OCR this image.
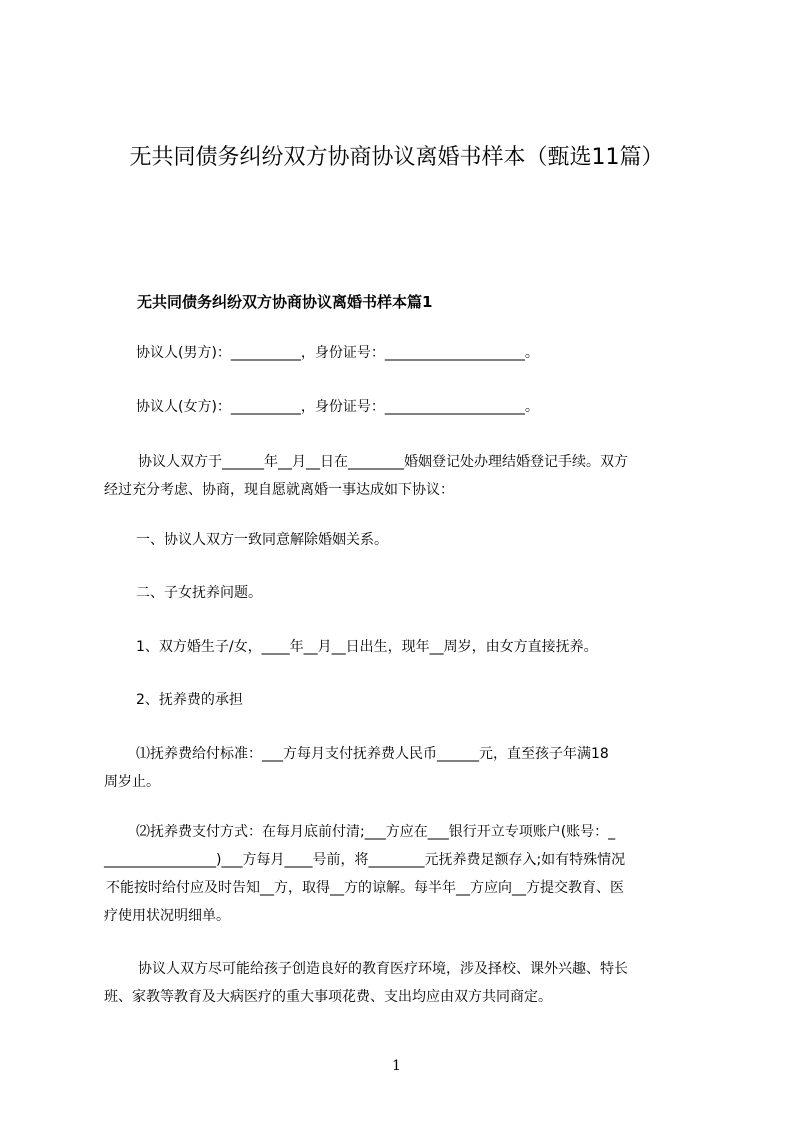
无共同债务纠纷双方协商协议离婚书样本（甄选11篇）
无共同债务纠纷双方协商协议离婚书样本篇1
协议人(男方)：__________，身份证号：____________________。
协议人(女方)：__________，身份证号：____________________。
协议人双方于______年__月__日在________婚姻登记处办理结婚登记手续。双方
经过充分考虑、协商，现自愿就离婚一事达成如下协议：
一、协议人双方一致同意解除婚姻关系。
二、子女抚养问题。
1、双方婚生子/女，____年__月__日出生，现年__周岁，由女方直接抚养。
2、抚养费的承担
⑴抚养费给付标准：___方每月支付抚养费人民币______元，直至孩子年满18
周岁止。
⑵抚养费支付方式：在每月底前付清;___方应在___银行开立专项账户(账号：_
________________)___方每月____号前，将________元抚养费足额存入;如有特殊情况
不能按时给付应及时告知__方，取得__方的谅解。每半年__方应向__方提交教育、医
疗使用状况明细单。
协议人双方尽可能给孩子创造良好的教育医疗环境，涉及择校、课外兴趣、特长
班、家教等教育及大病医疗的重大事项花费、支出均应由双方共同商定。
1
